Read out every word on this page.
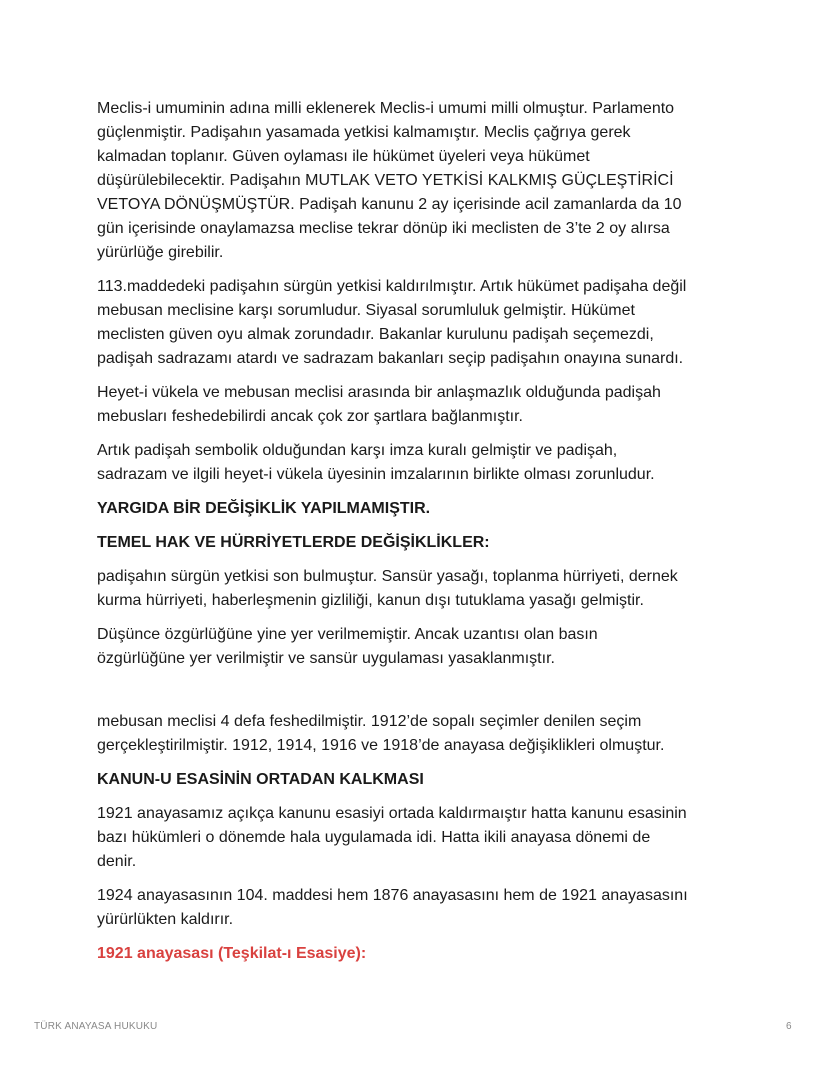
Meclis-i umuminin adına milli eklenerek Meclis-i umumi milli olmuştur. Parlamento
güçlenmiştir. Padişahın yasamada yetkisi kalmamıştır. Meclis çağrıya gerek
kalmadan toplanır. Güven oylaması ile hükümet üyeleri veya hükümet
düşürülebilecektir. Padişahın MUTLAK VETO YETKİSİ KALKMIŞ GÜÇLEŞTİRİCİ
VETOYA DÖNÜŞMÜŞTÜR. Padişah kanunu 2 ay içerisinde acil zamanlarda da 10
gün içerisinde onaylamazsa meclise tekrar dönüp iki meclisten de 3’te 2 oy alırsa
yürürlüğe girebilir.

113.maddedeki padişahın sürgün yetkisi kaldırılmıştır. Artık hükümet padişaha değil
mebusan meclisine karşı sorumludur. Siyasal sorumluluk gelmiştir. Hükümet
meclisten güven oyu almak zorundadır. Bakanlar kurulunu padişah seçemezdi,
padişah sadrazamı atardı ve sadrazam bakanları seçip padişahın onayına sunardı.

Heyet-i vükela ve mebusan meclisi arasında bir anlaşmazlık olduğunda padişah
mebusları feshedebilirdi ancak çok zor şartlara bağlanmıştır.

Artık padişah sembolik olduğundan karşı imza kuralı gelmiştir ve padişah,
sadrazam ve ilgili heyet-i vükela üyesinin imzalarının birlikte olması zorunludur.

YARGIDA BİR DEĞİŞİKLİK YAPILMAMIŞTIR.
TEMEL HAK VE HÜRRİYETLERDE DEĞİŞİKLİKLER:

padişahın sürgün yetkisi son bulmuştur. Sansür yasağı, toplanma hürriyeti, dernek
kurma hürriyeti, haberleşmenin gizliliği, kanun dışı tutuklama yasağı gelmiştir.

Düşünce özgürlüğüne yine yer verilmemiştir. Ancak uzantısı olan basın
özgürlüğüne yer verilmiştir ve sansür uygulaması yasaklanmıştır.

mebusan meclisi 4 defa feshedilmiştir. 1912’de sopalı seçimler denilen seçim
gerçekleştirilmiştir. 1912, 1914, 1916 ve 1918’de anayasa değişiklikleri olmuştur.

KANUN-U ESASİNİN ORTADAN KALKMASI

1921 anayasamız açıkça kanunu esasiyi ortada kaldırmaıştır hatta kanunu esasinin
bazı hükümleri o dönemde hala uygulamada idi. Hatta ikili anayasa dönemi de
denir.

1924 anayasasının 104. maddesi hem 1876 anayasasını hem de 1921 anayasasını
yürürlükten kaldırır.

1921 anayasası (Teşkilat-ı Esasiye):
TÜRK ANAYASA HUKUKU	6
